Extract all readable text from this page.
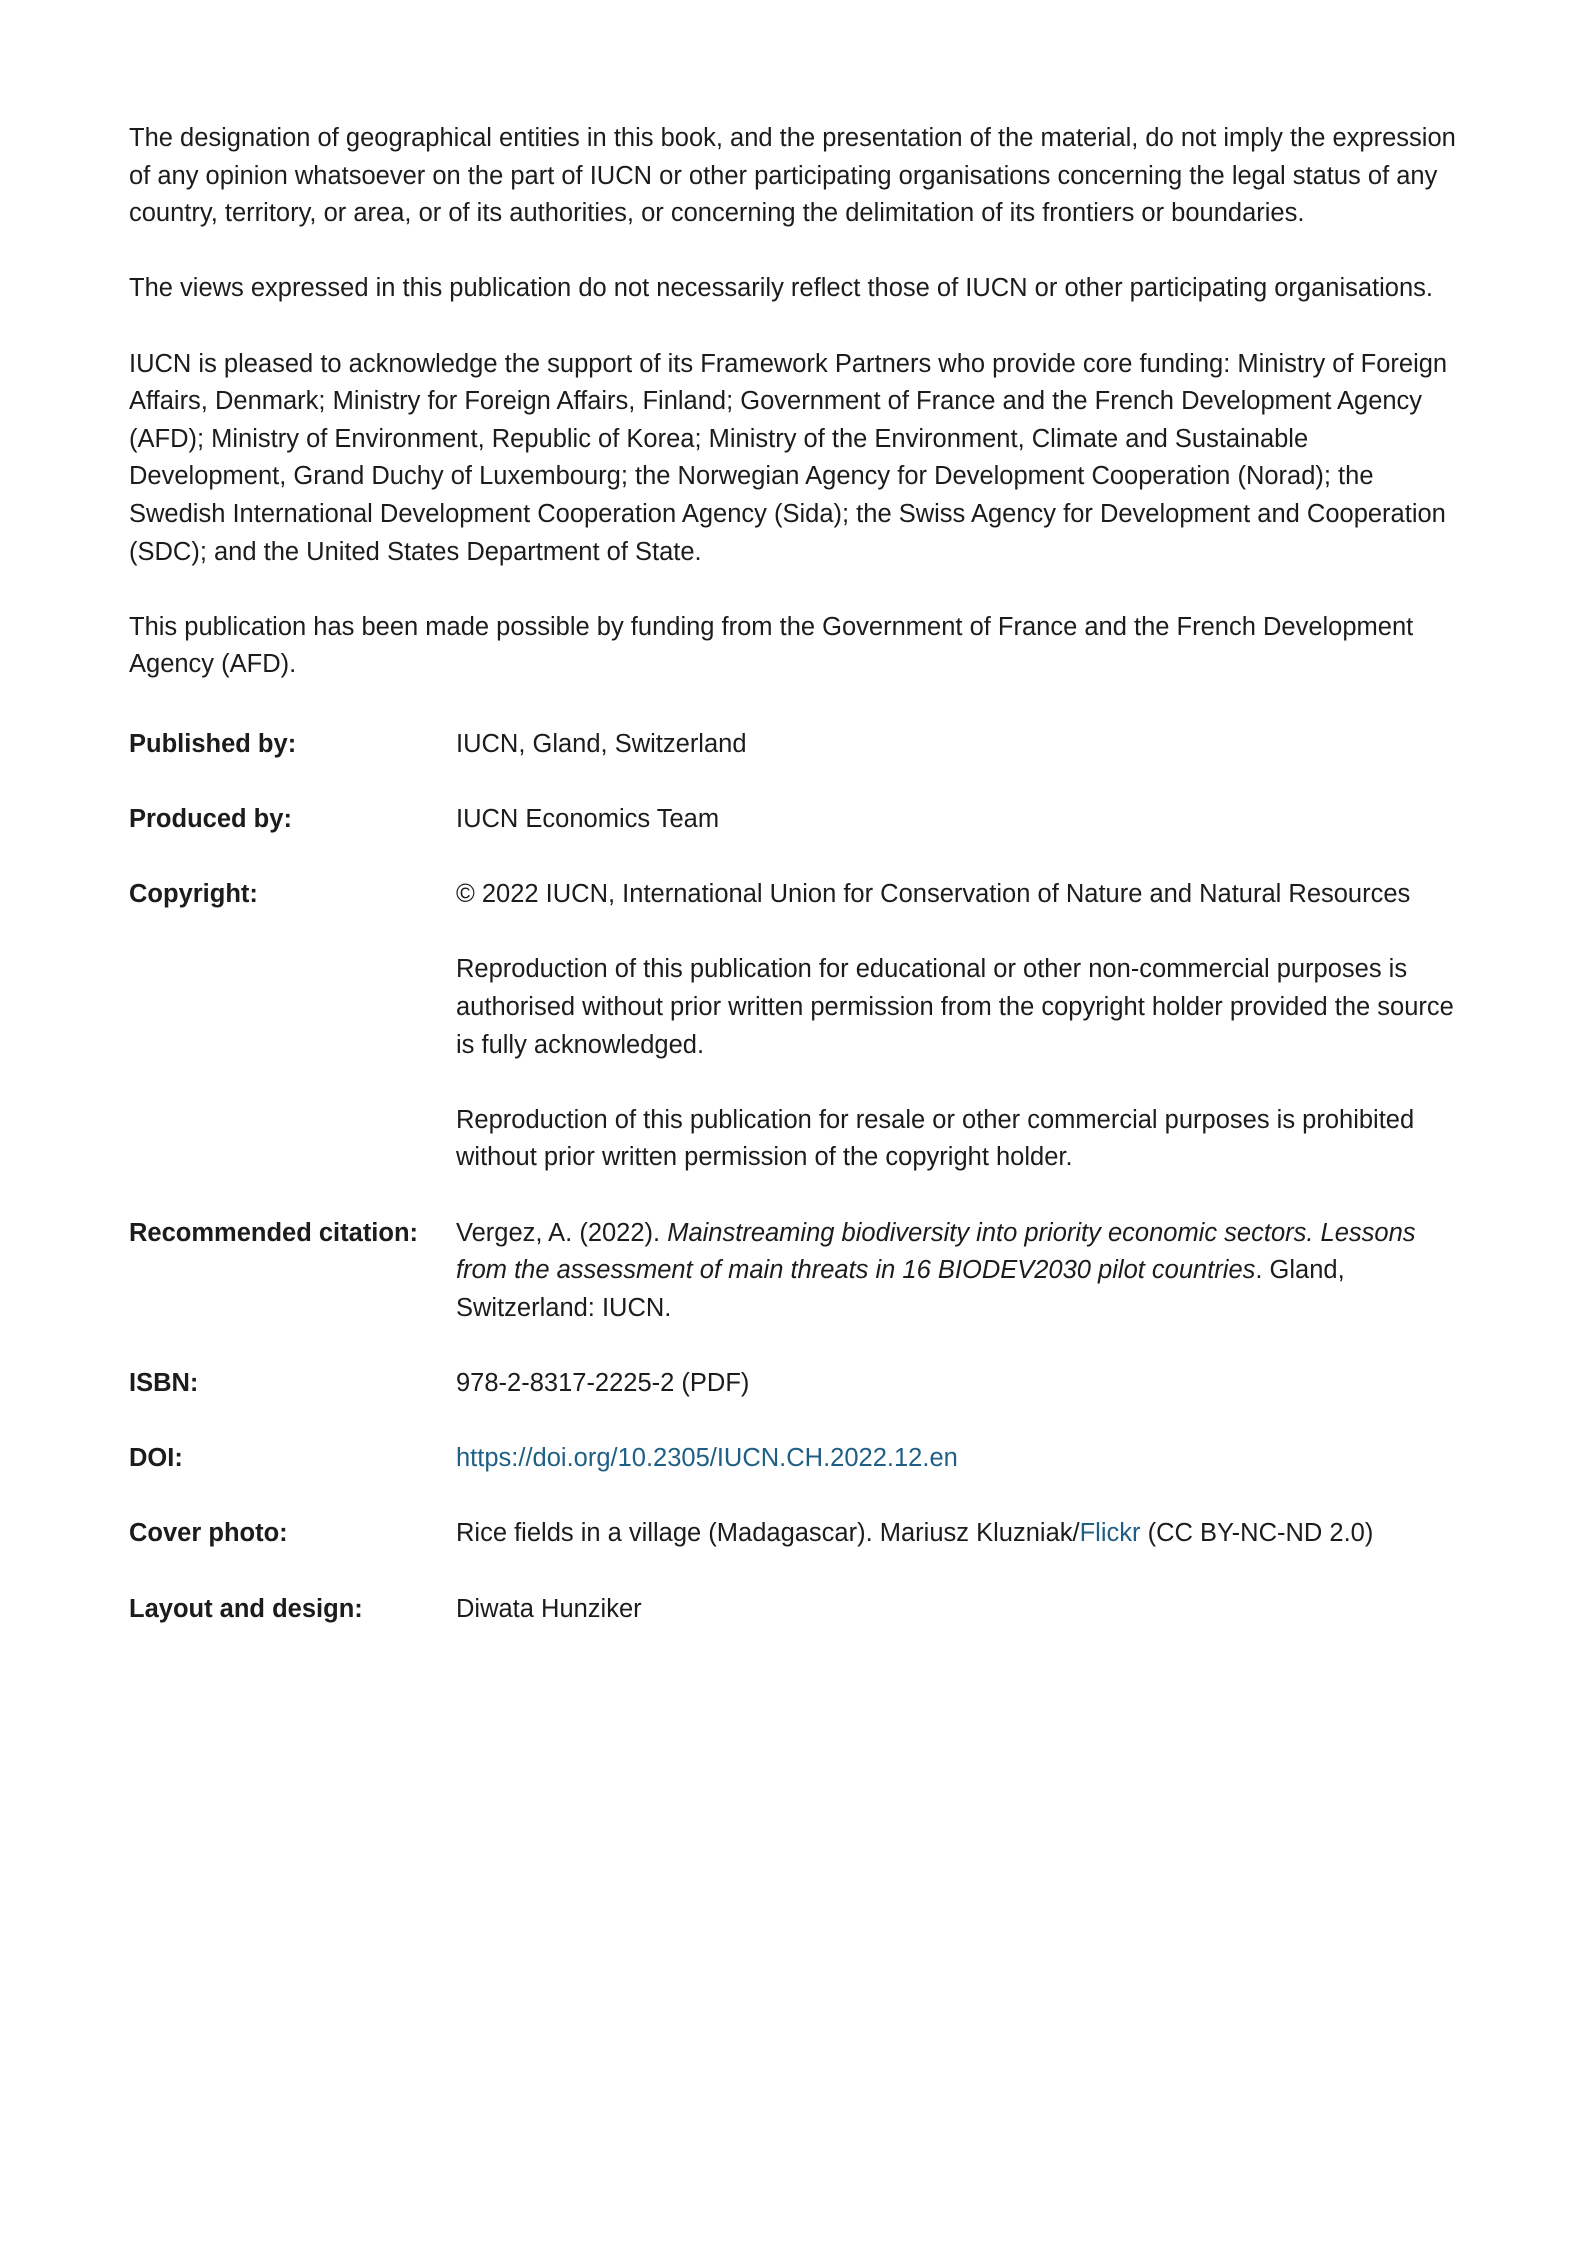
The designation of geographical entities in this book, and the presentation of the material, do not imply the expression of any opinion whatsoever on the part of IUCN or other participating organisations concerning the legal status of any country, territory, or area, or of its authorities, or concerning the delimitation of its frontiers or boundaries.

The views expressed in this publication do not necessarily reflect those of IUCN or other participating organisations.

IUCN is pleased to acknowledge the support of its Framework Partners who provide core funding: Ministry of Foreign Affairs, Denmark; Ministry for Foreign Affairs, Finland; Government of France and the French Development Agency (AFD); Ministry of Environment, Republic of Korea; Ministry of the Environment, Climate and Sustainable Development, Grand Duchy of Luxembourg; the Norwegian Agency for Development Cooperation (Norad); the Swedish International Development Cooperation Agency (Sida); the Swiss Agency for Development and Cooperation (SDC); and the United States Department of State.

This publication has been made possible by funding from the Government of France and the French Development Agency (AFD).

Published by:	IUCN, Gland, Switzerland
Produced by:	IUCN Economics Team
Copyright:	© 2022 IUCN, International Union for Conservation of Nature and Natural Resources

Reproduction of this publication for educational or other non-commercial purposes is authorised without prior written permission from the copyright holder provided the source is fully acknowledged.

Reproduction of this publication for resale or other commercial purposes is prohibited without prior written permission of the copyright holder.

Recommended citation:	Vergez, A. (2022). Mainstreaming biodiversity into priority economic sectors. Lessons from the assessment of main threats in 16 BIODEV2030 pilot countries. Gland, Switzerland: IUCN.
ISBN:	978-2-8317-2225-2 (PDF)
DOI:	https://doi.org/10.2305/IUCN.CH.2022.12.en
Cover photo:	Rice fields in a village (Madagascar). Mariusz Kluzniak/Flickr (CC BY-NC-ND 2.0)
Layout and design:	Diwata Hunziker
